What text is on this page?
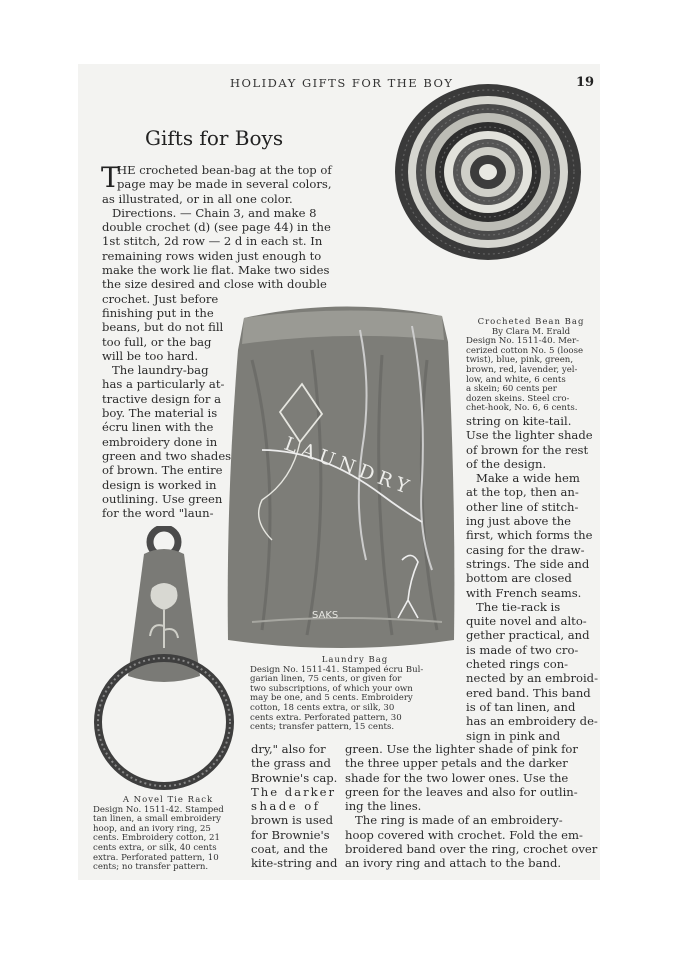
HOLIDAY GIFTS FOR THE BOY	19
Gifts for Boys
Crocheted Bean Bag
By Clara M. Erald
Design No. 1511-40. Mer-
cerized cotton No. 5 (loose
twist), blue, pink, green,
brown, red, lavender, yel-
low, and white, 6 cents
a skein; 60 cents per
dozen skeins. Steel cro-
chet-hook, No. 6, 6 cents.
LAUNDRY
SAKS
Laundry Bag
Design No. 1511-41. Stamped écru Bul-
garian linen, 75 cents, or given for
two subscriptions, of which your own
may be one, and 5 cents. Embroidery
cotton, 18 cents extra, or silk, 30
cents extra. Perforated pattern, 30
cents; transfer pattern, 15 cents.
A Novel Tie Rack
Design No. 1511-42. Stamped
tan linen, a small embroidery
hoop, and an ivory ring, 25
cents. Embroidery cotton, 21
cents extra, or silk, 40 cents
extra. Perforated pattern, 10
cents; no transfer pattern.
T

HE crocheted bean-bag at the top of

page may be made in several colors,

as illustrated, or in all one color.

Directions. — Chain 3, and make 8

double crochet (d) (see page 44) in the

1st stitch, 2d row — 2 d in each st. In

remaining rows widen just enough to

make the work lie flat. Make two sides

the size desired and close with double

crochet. Just before

finishing put in the

beans, but do not fill

too full, or the bag

will be too hard.

The laundry-bag

has a particularly at-

tractive design for a

boy. The material is

écru linen with the

embroidery done in

green and two shades

of brown. The entire

design is worked in

outlining. Use green

for the word "laun-

dry," also for

the grass and

Brownie's cap.

The darker

shade of

brown is used

for Brownie's

coat, and the

kite-string and

string on kite-tail.

Use the lighter shade

of brown for the rest

of the design.

Make a wide hem

at the top, then an-

other line of stitch-

ing just above the

first, which forms the

casing for the draw-

strings. The side and

bottom are closed

with French seams.

The tie-rack is

quite novel and alto-

gether practical, and

is made of two cro-

cheted rings con-

nected by an embroid-

ered band. This band

is of tan linen, and

has an embroidery de-

sign in pink and

green. Use the lighter shade of pink for

the three upper petals and the darker

shade for the two lower ones. Use the

green for the leaves and also for outlin-

ing the lines.

The ring is made of an embroidery-

hoop covered with crochet. Fold the em-

broidered band over the ring, crochet over

an ivory ring and attach to the band.
